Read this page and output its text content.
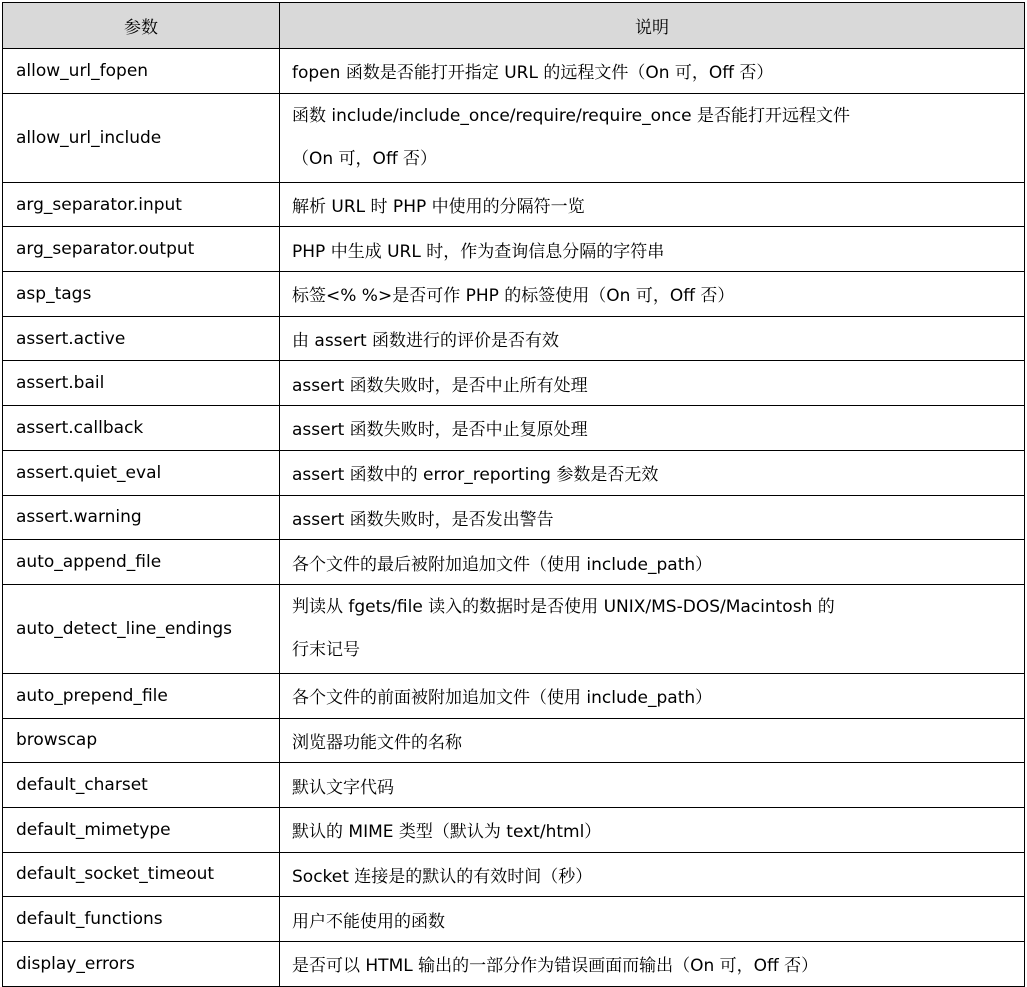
参数	说明
allow_url_fopen	fopen 函数是否能打开指定 URL 的远程文件（On 可，Off 否）
allow_url_include	函数 include/include_once/require/require_once 是否能打开远程文件
（On 可，Off 否）

arg_separator.input	解析 URL 时 PHP 中使用的分隔符一览
arg_separator.output	PHP 中生成 URL 时，作为查询信息分隔的字符串
asp_tags	标签<% %>是否可作 PHP 的标签使用（On 可，Off 否）
assert.active	由 assert 函数进行的评价是否有效
assert.bail	assert 函数失败时，是否中止所有处理
assert.callback	assert 函数失败时，是否中止复原处理
assert.quiet_eval	assert 函数中的 error_reporting 参数是否无效
assert.warning	assert 函数失败时，是否发出警告
auto_append_file	各个文件的最后被附加追加文件（使用 include_path）
auto_detect_line_endings	判读从 fgets/file 读入的数据时是否使用 UNIX/MS-DOS/Macintosh 的
行末记号

auto_prepend_file	各个文件的前面被附加追加文件（使用 include_path）
browscap	浏览器功能文件的名称
default_charset	默认文字代码
default_mimetype	默认的 MIME 类型（默认为 text/html）
default_socket_timeout	Socket 连接是的默认的有效时间（秒）
default_functions	用户不能使用的函数
display_errors	是否可以 HTML 输出的一部分作为错误画面而输出（On 可，Off 否）
